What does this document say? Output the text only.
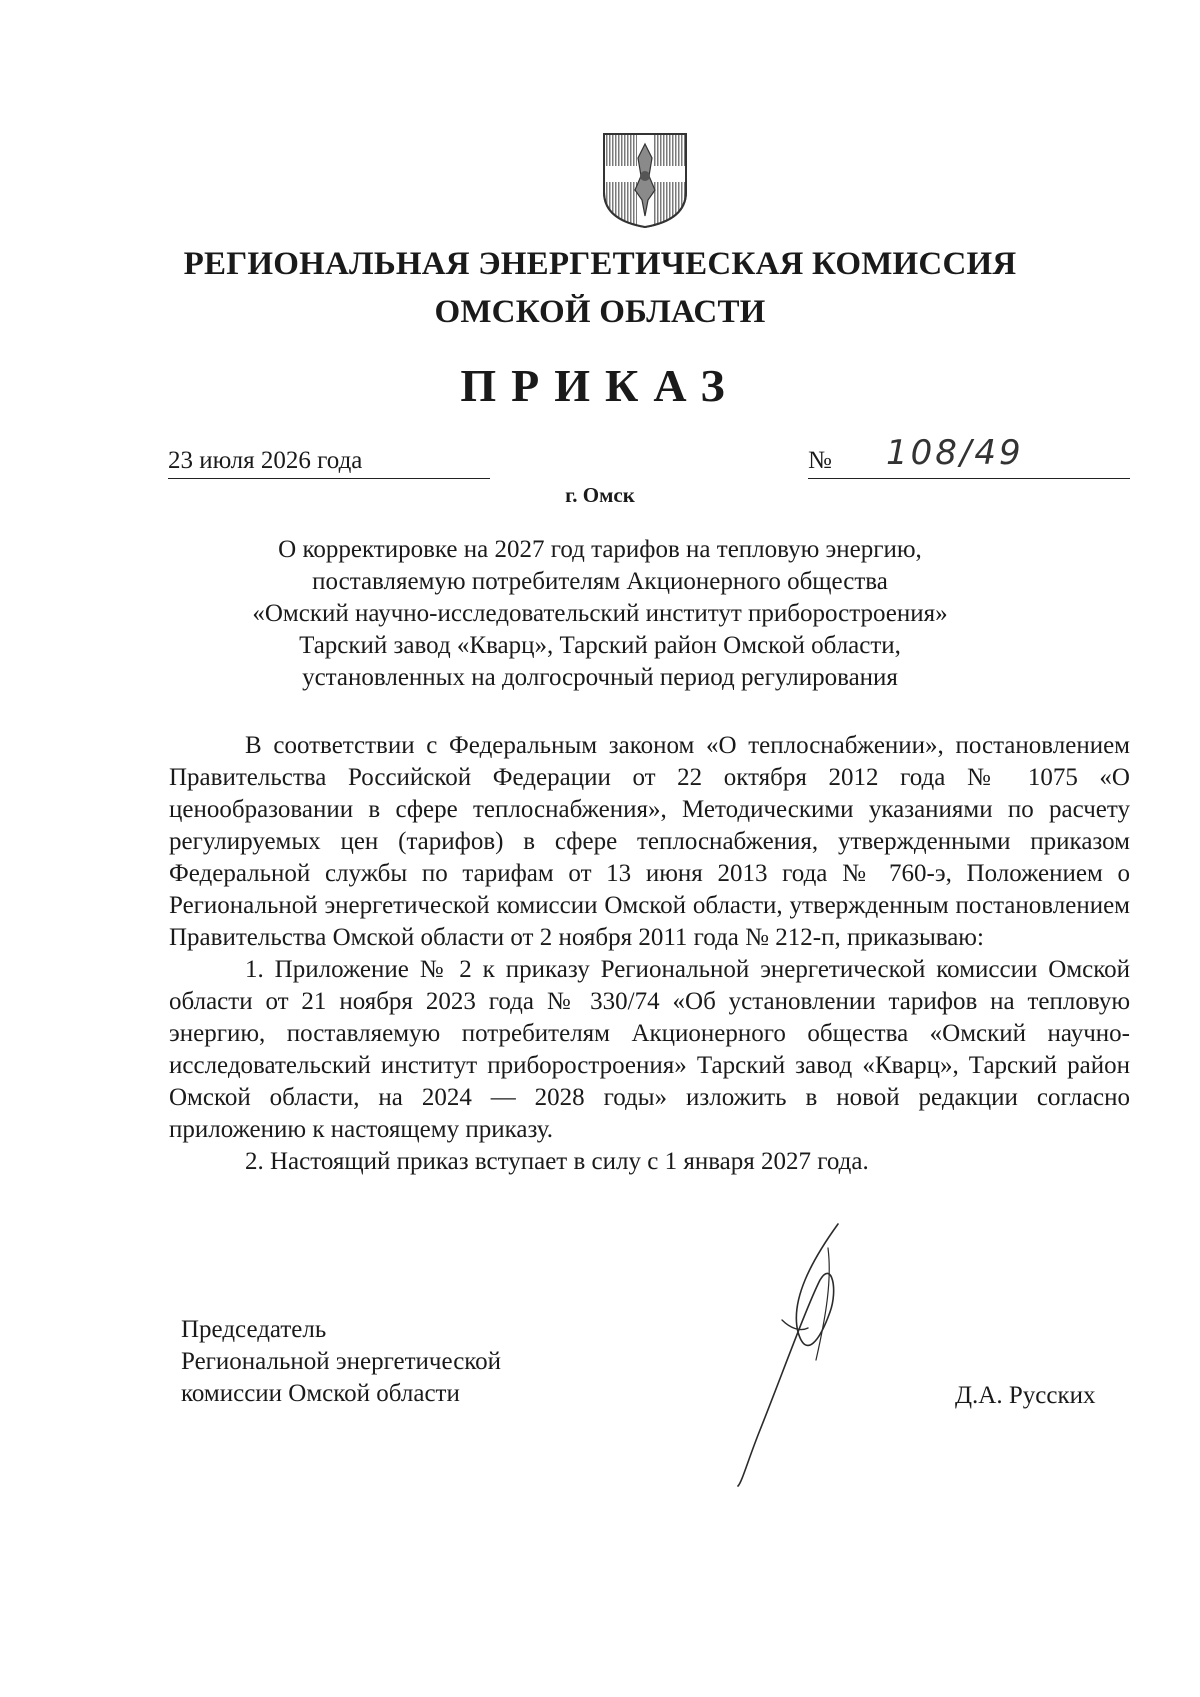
РЕГИОНАЛЬНАЯ ЭНЕРГЕТИЧЕСКАЯ КОМИССИЯ
ОМСКОЙ ОБЛАСТИ
ПРИКАЗ
23 июля 2026 года	№ 108/49
г. Омск
О корректировке на 2027 год тарифов на тепловую энергию,
поставляемую потребителям Акционерного общества
«Омский научно-исследовательский институт приборостроения»
Тарский завод «Кварц», Тарский район Омской области,
установленных на долгосрочный период регулирования

В соответствии с Федеральным законом «О теплоснабжении», постановлением Правительства Российской Федерации от 22 октября 2012 года № 1075 «О ценообразовании в сфере теплоснабжения», Методическими указаниями по расчету регулируемых цен (тарифов) в сфере теплоснабжения, утвержденными приказом Федеральной службы по тарифам от 13 июня 2013 года № 760-э, Положением о Региональной энергетической комиссии Омской области, утвержденным постановлением Правительства Омской области от 2 ноября 2011 года № 212-п, приказываю:

1. Приложение № 2 к приказу Региональной энергетической комиссии Омской области от 21 ноября 2023 года № 330/74 «Об установлении тарифов на тепловую энергию, поставляемую потребителям Акционерного общества «Омский научно-исследовательский институт приборостроения» Тарский завод «Кварц», Тарский район Омской области, на 2024 — 2028 годы» изложить в новой редакции согласно приложению к настоящему приказу.

2. Настоящий приказ вступает в силу с 1 января 2027 года.

Председатель
Региональной энергетической
комиссии Омской области	Д.А. Русских
